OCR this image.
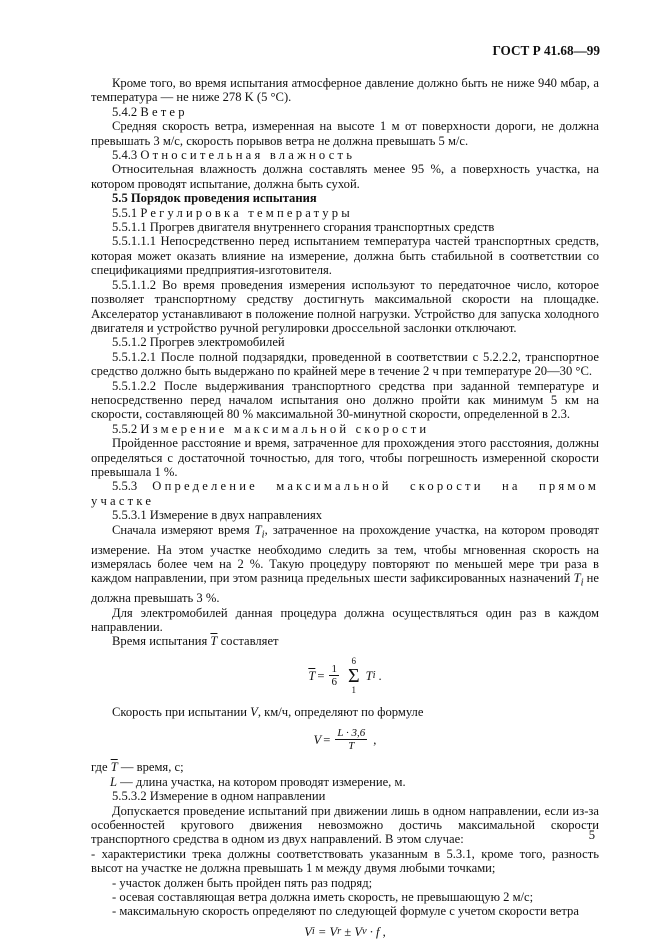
ГОСТ Р 41.68—99

Кроме того, во время испытания атмосферное давление должно быть не ниже 940 мбар, а температура — не ниже 278 K (5 °C).

5.4.2 Ветер

Средняя скорость ветра, измеренная на высоте 1 м от поверхности дороги, не должна превышать 3 м/с, скорость порывов ветра не должна превышать 5 м/с.

5.4.3 Относительная влажность

Относительная влажность должна составлять менее 95 %, а поверхность участка, на котором проводят испытание, должна быть сухой.

5.5 Порядок проведения испытания

5.5.1 Регулировка температуры

5.5.1.1 Прогрев двигателя внутреннего сгорания транспортных средств

5.5.1.1.1 Непосредственно перед испытанием температура частей транспортных средств, которая может оказать влияние на измерение, должна быть стабильной в соответствии со спецификациями предприятия-изготовителя.

5.5.1.1.2 Во время проведения измерения используют то передаточное число, которое позволяет транспортному средству достигнуть максимальной скорости на площадке. Акселератор устанавливают в положение полной нагрузки. Устройство для запуска холодного двигателя и устройство ручной регулировки дроссельной заслонки отключают.

5.5.1.2 Прогрев электромобилей

5.5.1.2.1 После полной подзарядки, проведенной в соответствии с 5.2.2.2, транспортное средство должно быть выдержано по крайней мере в течение 2 ч при температуре 20—30 °С.

5.5.1.2.2 После выдерживания транспортного средства при заданной температуре и непосредственно перед началом испытания оно должно пройти как минимум 5 км на скорости, составляющей 80 % максимальной 30-минутной скорости, определенной в 2.3.

5.5.2 Измерение максимальной скорости

Пройденное расстояние и время, затраченное для прохождения этого расстояния, должны определяться с достаточной точностью, для того, чтобы погрешность измеренной скорости превышала 1 %.

5.5.3 Определение максимальной скорости на прямом участке

5.5.3.1 Измерение в двух направлениях

Сначала измеряют время $T_i$, затраченное на прохождение участка, на котором проводят измерение. На этом участке необходимо следить за тем, чтобы мгновенная скорость на измерялась более чем на 2 %. Такую процедуру повторяют по меньшей мере три раза в каждом направлении, при этом разница предельных шести зафиксированных назначений $T_i$ не должна превышать 3 %.

Для электромобилей данная процедура должна осуществляться один раз в каждом направлении.

Время испытания $\overline{T}$ составляет

$\overline{T} = \frac{1}{6}$
6
Σ
1
T i .

Скорость при испытании V, км/ч, определяют по формуле

$V = \frac{L \cdot 3,6}{T}$ ,

где $\overline{T}$ — время, с;

L — длина участка, на котором проводят измерение, м.

5.5.3.2 Измерение в одном направлении

Допускается проведение испытаний при движении лишь в одном направлении, если из-за особенностей кругового движения невозможно достичь максимальной скорости транспортного средства в одном из двух направлений. В этом случае:

- характеристики трека должны соответствовать указанным в 5.3.1, кроме того, разность высот на участке не должна превышать 1 м между двумя любыми точками;

- участок должен быть пройден пять раз подряд;

- осевая составляющая ветра должна иметь скорость, не превышающую 2 м/с;

- максимальную скорость определяют по следующей формуле с учетом скорости ветра

V i = V r ± V v · f ,
5
